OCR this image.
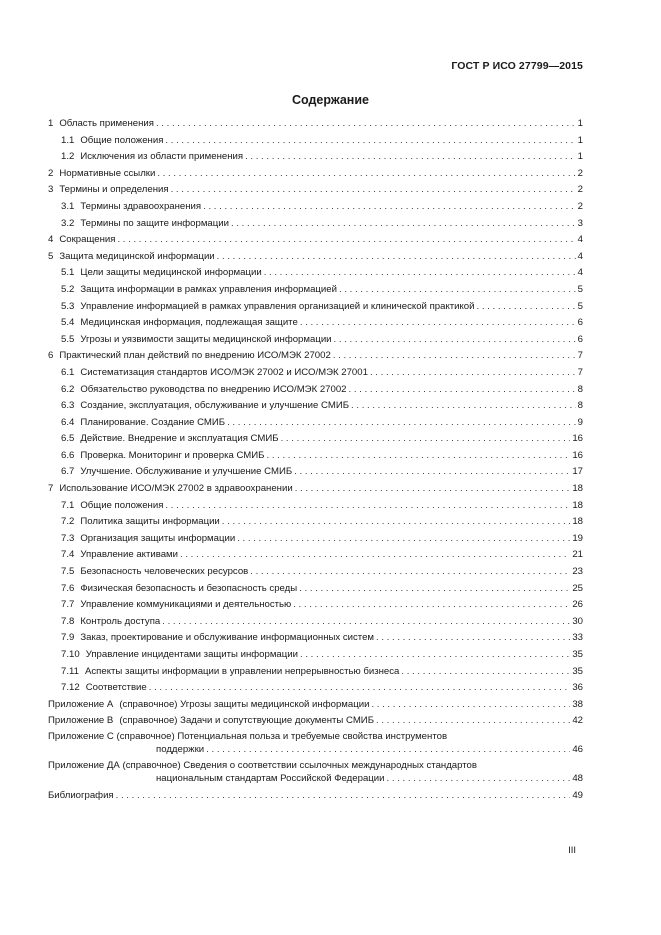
ГОСТ Р ИСО 27799—2015
Содержание
1 Область применения . . .	1
1.1 Общие положения . . .	1
1.2 Исключения из области применения . . .	1
2 Нормативные ссылки . . .	2
3 Термины и определения . . .	2
3.1 Термины здравоохранения . . .	2
3.2 Термины по защите информации . . .	3
4 Сокращения . . .	4
5 Защита медицинской информации . . .	4
5.1 Цели защиты медицинской информации . . .	4
5.2 Защита информации в рамках управления информацией . . .	5
5.3 Управление информацией в рамках управления организацией и клинической практикой . . .	5
5.4 Медицинская информация, подлежащая защите . . .	6
5.5 Угрозы и уязвимости защиты медицинской информации . . .	6
6 Практический план действий по внедрению ИСО/МЭК 27002 . . .	7
6.1 Систематизация стандартов ИСО/МЭК 27002 и ИСО/МЭК 27001 . . .	7
6.2 Обязательство руководства по внедрению ИСО/МЭК 27002 . . .	8
6.3 Создание, эксплуатация, обслуживание и улучшение СМИБ . . .	8
6.4 Планирование. Создание СМИБ . . .	9
6.5 Действие. Внедрение и эксплуатация СМИБ . . .	16
6.6 Проверка. Мониторинг и проверка СМИБ . . .	16
6.7 Улучшение. Обслуживание и улучшение СМИБ . . .	17
7 Использование ИСО/МЭК 27002 в здравоохранении . . .	18
7.1 Общие положения . . .	18
7.2 Политика защиты информации . . .	18
7.3 Организация защиты информации . . .	19
7.4 Управление активами . . .	21
7.5 Безопасность человеческих ресурсов . . .	23
7.6 Физическая безопасность и безопасность среды . . .	25
7.7 Управление коммуникациями и деятельностью . . .	26
7.8 Контроль доступа . . .	30
7.9 Заказ, проектирование и обслуживание информационных систем . . .	33
7.10 Управление инцидентами защиты информации . . .	35
7.11 Аспекты защиты информации в управлении непрерывностью бизнеса . . .	35
7.12 Соответствие . . .	36
Приложение А (справочное) Угрозы защиты медицинской информации . . .	38
Приложение В (справочное) Задачи и сопутствующие документы СМИБ . . .	42
Приложение С (справочное) Потенциальная польза и требуемые свойства инструментов
поддержки . . .	46
Приложение ДА (справочное) Сведения о соответствии ссылочных международных стандартов
национальным стандартам Российской Федерации . . .	48
Библиография . . .	49
III
